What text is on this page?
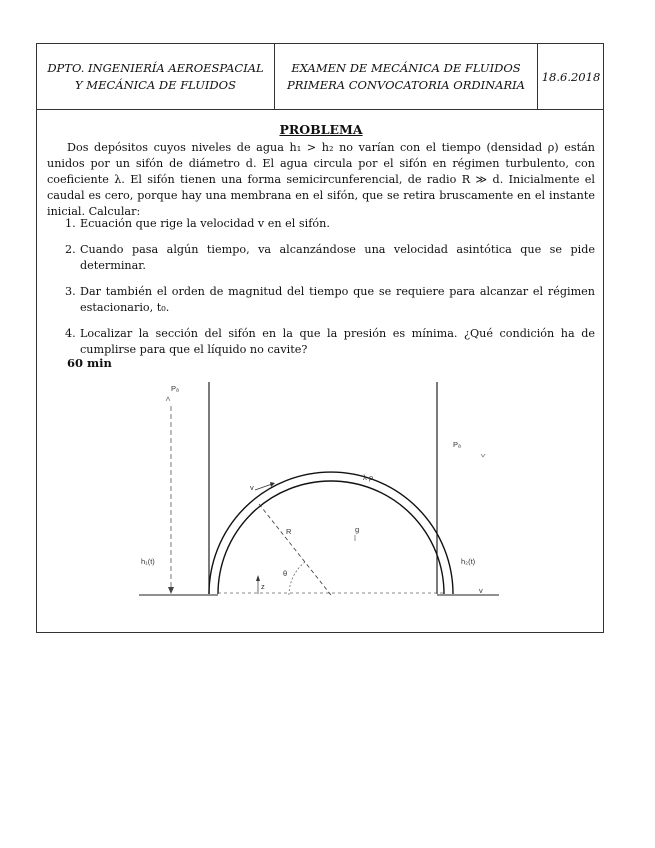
DPTO. INGENIERÍA AEROESPACIAL
Y MECÁNICA DE FLUIDOS
EXAMEN DE MECÁNICA DE FLUIDOS
PRIMERA CONVOCATORIA ORDINARIA
18.6.2018
PROBLEMA
Dos depósitos cuyos niveles de agua h₁ > h₂ no varían con el tiempo (densidad ρ) están unidos por un sifón de diámetro d. El agua circula por el sifón en régimen turbulento, con coeficiente λ. El sifón tienen una forma semicircunferencial, de radio R ≫ d. Inicialmente el caudal es cero, porque hay una membrana en el sifón, que se retira bruscamente en el instante inicial. Calcular:
1. Ecuación que rige la velocidad v en el sifón.
2. Cuando pasa algún tiempo, va alcanzándose una velocidad asintótica que se pide determinar.
3. Dar también el orden de magnitud del tiempo que se requiere para alcanzar el régimen estacionario, t₀.
4. Localizar la sección del sifón en la que la presión es mínima. ¿Qué condición ha de cumplirse para que el líquido no cavite?
60 min
Pₐ
Pₐ
h₁(t)	h₂(t)
v
λ ρ
g
R
z
θ
v
